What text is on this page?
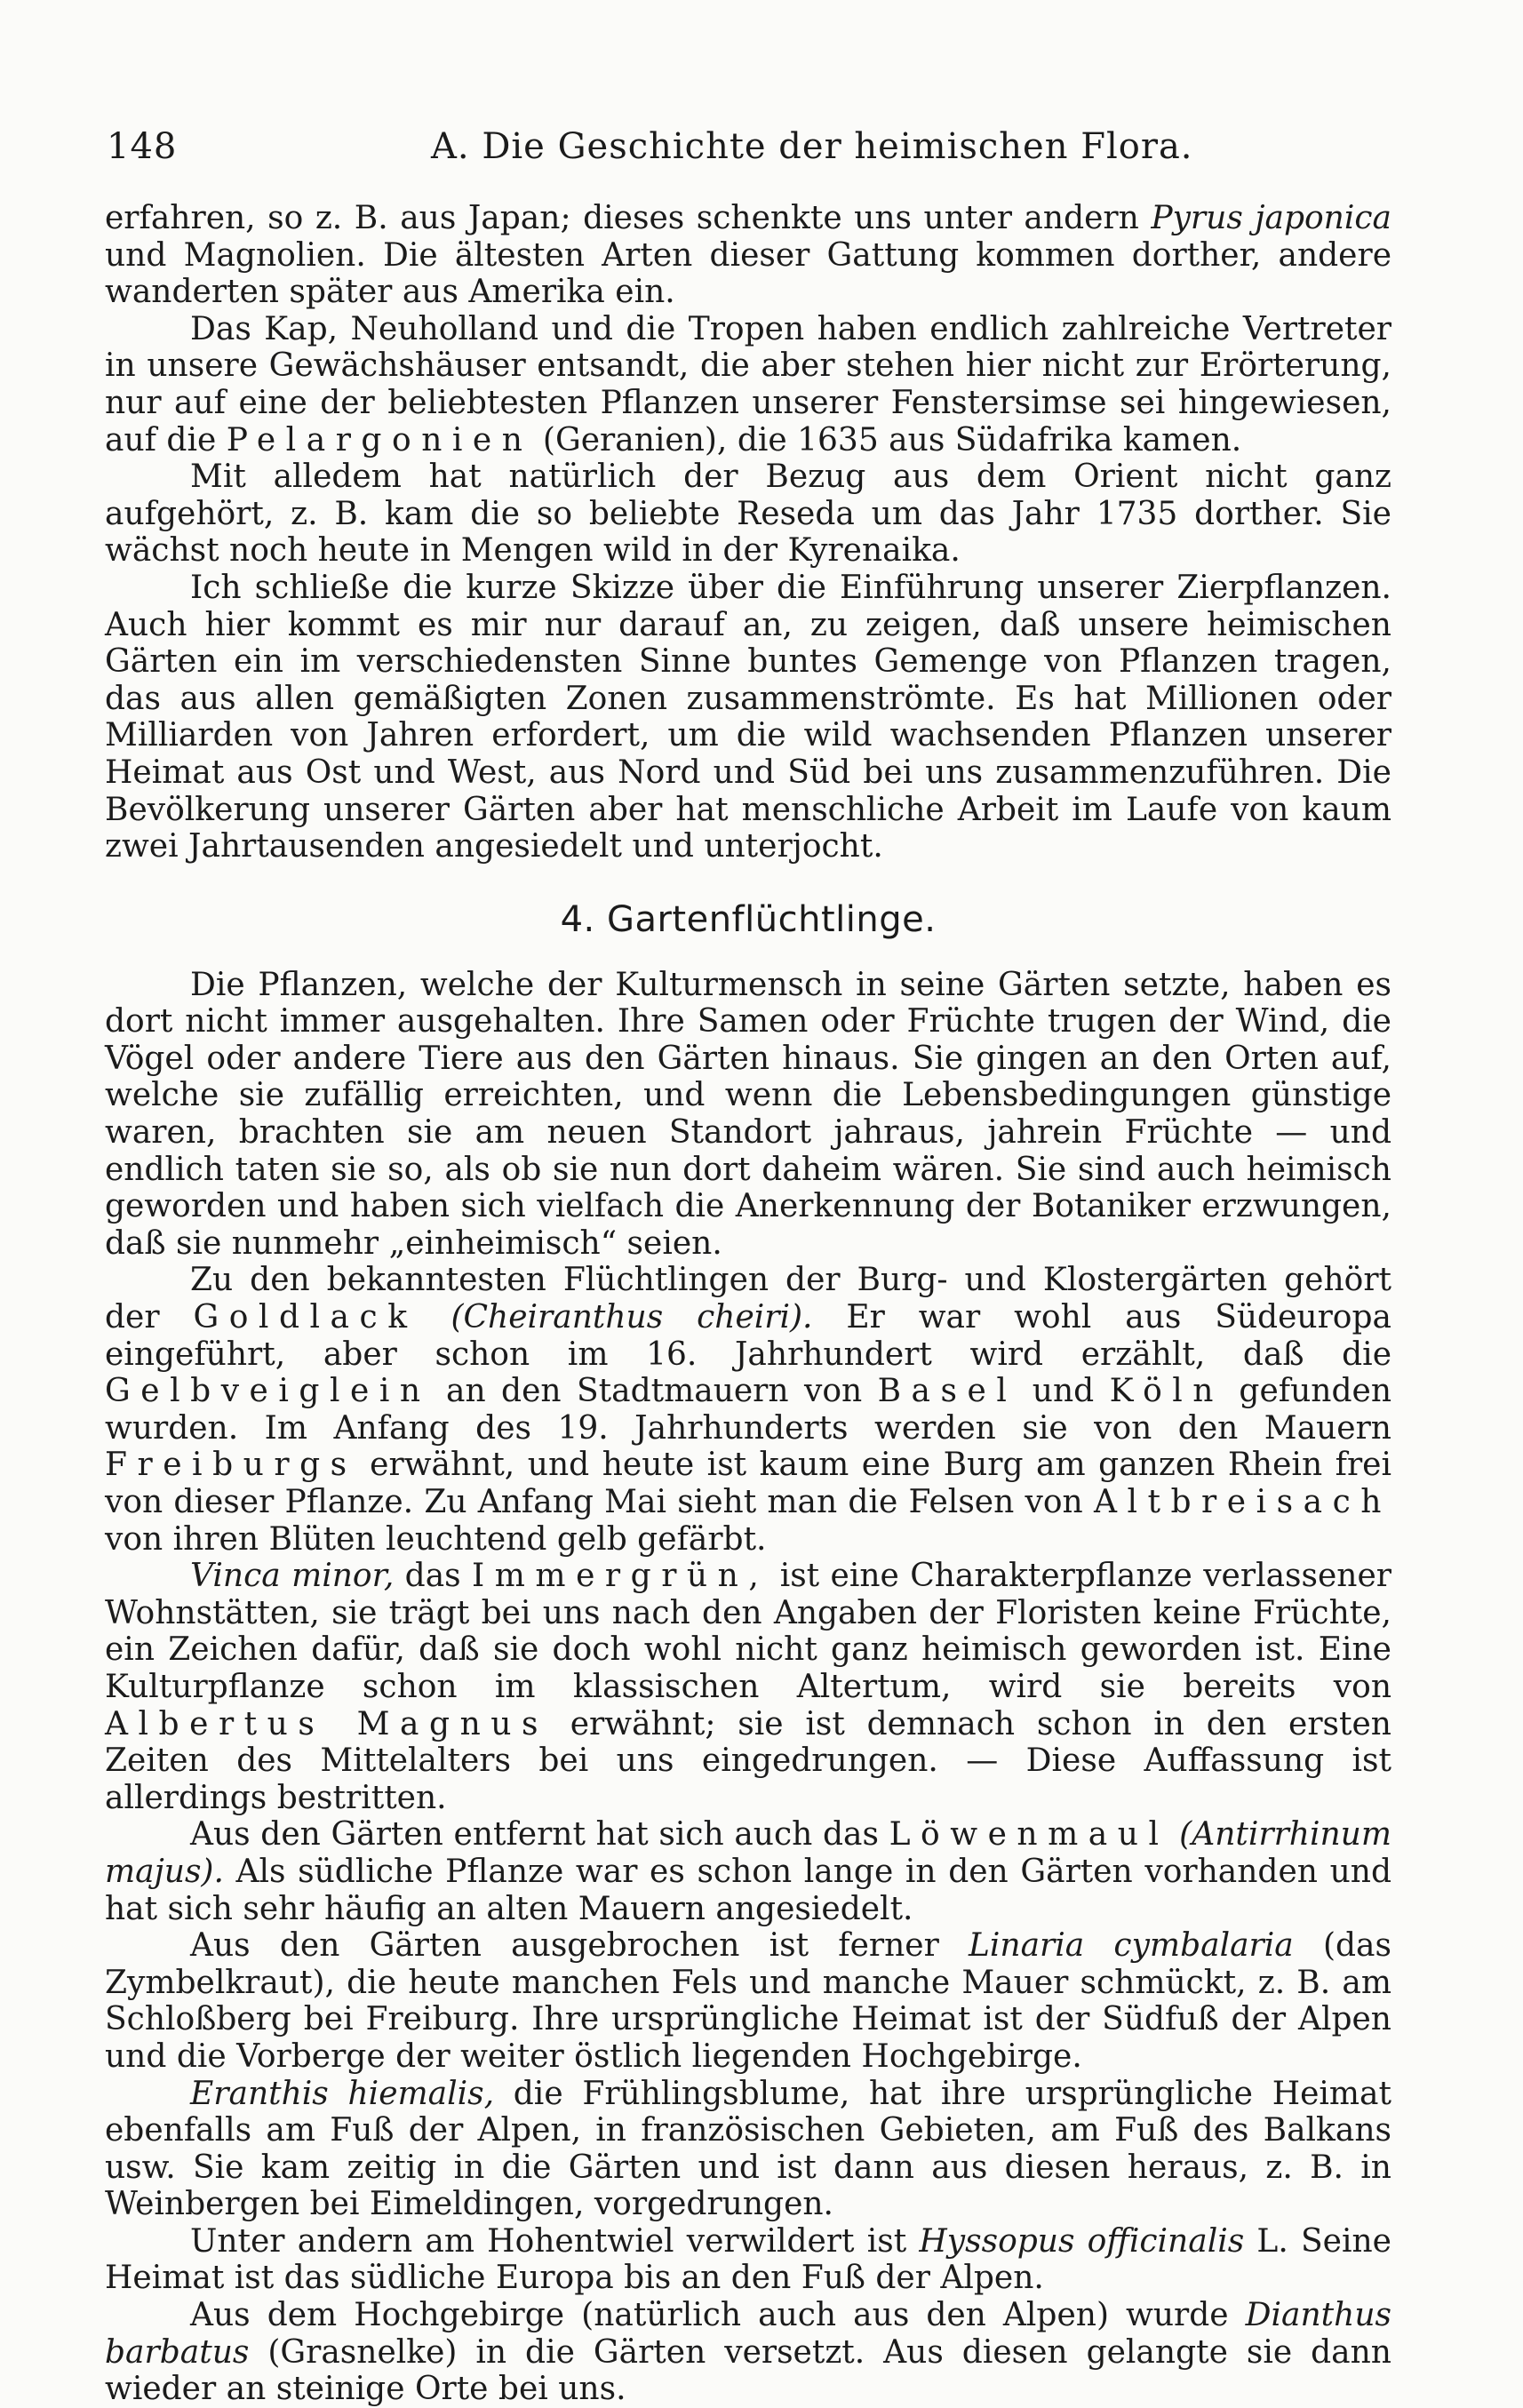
148	A. Die Geschichte der heimischen Flora.

erfahren, so z. B. aus Japan; dieses schenkte uns unter andern Pyrus japonica und Magnolien. Die ältesten Arten dieser Gattung kommen dorther, andere wanderten später aus Amerika ein.

Das Kap, Neuholland und die Tropen haben endlich zahlreiche Vertreter in unsere Gewächshäuser entsandt, die aber stehen hier nicht zur Erörterung, nur auf eine der beliebtesten Pflanzen unserer Fenstersimse sei hingewiesen, auf die Pelargonien (Geranien), die 1635 aus Südafrika kamen.

Mit alledem hat natürlich der Bezug aus dem Orient nicht ganz aufgehört, z. B. kam die so beliebte Reseda um das Jahr 1735 dorther. Sie wächst noch heute in Mengen wild in der Kyrenaika.

Ich schließe die kurze Skizze über die Einführung unserer Zierpflanzen. Auch hier kommt es mir nur darauf an, zu zeigen, daß unsere heimischen Gärten ein im verschiedensten Sinne buntes Gemenge von Pflanzen tragen, das aus allen gemäßigten Zonen zusammenströmte. Es hat Millionen oder Milliarden von Jahren erfordert, um die wild wachsenden Pflanzen unserer Heimat aus Ost und West, aus Nord und Süd bei uns zusammenzuführen. Die Bevölkerung unserer Gärten aber hat menschliche Arbeit im Laufe von kaum zwei Jahrtausenden angesiedelt und unterjocht.

4. Gartenflüchtlinge.

Die Pflanzen, welche der Kulturmensch in seine Gärten setzte, haben es dort nicht immer ausgehalten. Ihre Samen oder Früchte trugen der Wind, die Vögel oder andere Tiere aus den Gärten hinaus. Sie gingen an den Orten auf, welche sie zufällig erreichten, und wenn die Lebensbedingungen günstige waren, brachten sie am neuen Standort jahraus, jahrein Früchte — und endlich taten sie so, als ob sie nun dort daheim wären. Sie sind auch heimisch geworden und haben sich vielfach die Anerkennung der Botaniker erzwungen, daß sie nunmehr „einheimisch“ seien.

Zu den bekanntesten Flüchtlingen der Burg- und Klostergärten gehört der Goldlack (Cheiranthus cheiri). Er war wohl aus Südeuropa eingeführt, aber schon im 16. Jahrhundert wird erzählt, daß die Gelbveiglein an den Stadtmauern von Basel und Köln gefunden wurden. Im Anfang des 19. Jahrhunderts werden sie von den Mauern Freiburgs erwähnt, und heute ist kaum eine Burg am ganzen Rhein frei von dieser Pflanze. Zu Anfang Mai sieht man die Felsen von Altbreisach von ihren Blüten leuchtend gelb gefärbt.

Vinca minor, das Immergrün, ist eine Charakterpflanze verlassener Wohnstätten, sie trägt bei uns nach den Angaben der Floristen keine Früchte, ein Zeichen dafür, daß sie doch wohl nicht ganz heimisch geworden ist. Eine Kulturpflanze schon im klassischen Altertum, wird sie bereits von Albertus Magnus erwähnt; sie ist demnach schon in den ersten Zeiten des Mittelalters bei uns eingedrungen. — Diese Auffassung ist allerdings bestritten.

Aus den Gärten entfernt hat sich auch das Löwenmaul (Antirrhinum majus). Als südliche Pflanze war es schon lange in den Gärten vorhanden und hat sich sehr häufig an alten Mauern angesiedelt.

Aus den Gärten ausgebrochen ist ferner Linaria cymbalaria (das Zymbelkraut), die heute manchen Fels und manche Mauer schmückt, z. B. am Schloßberg bei Freiburg. Ihre ursprüngliche Heimat ist der Südfuß der Alpen und die Vorberge der weiter östlich liegenden Hochgebirge.

Eranthis hiemalis, die Frühlingsblume, hat ihre ursprüngliche Heimat ebenfalls am Fuß der Alpen, in französischen Gebieten, am Fuß des Balkans usw. Sie kam zeitig in die Gärten und ist dann aus diesen heraus, z. B. in Weinbergen bei Eimeldingen, vorgedrungen.

Unter andern am Hohentwiel verwildert ist Hyssopus officinalis L. Seine Heimat ist das südliche Europa bis an den Fuß der Alpen.

Aus dem Hochgebirge (natürlich auch aus den Alpen) wurde Dianthus barbatus (Grasnelke) in die Gärten versetzt. Aus diesen gelangte sie dann wieder an steinige Orte bei uns.
